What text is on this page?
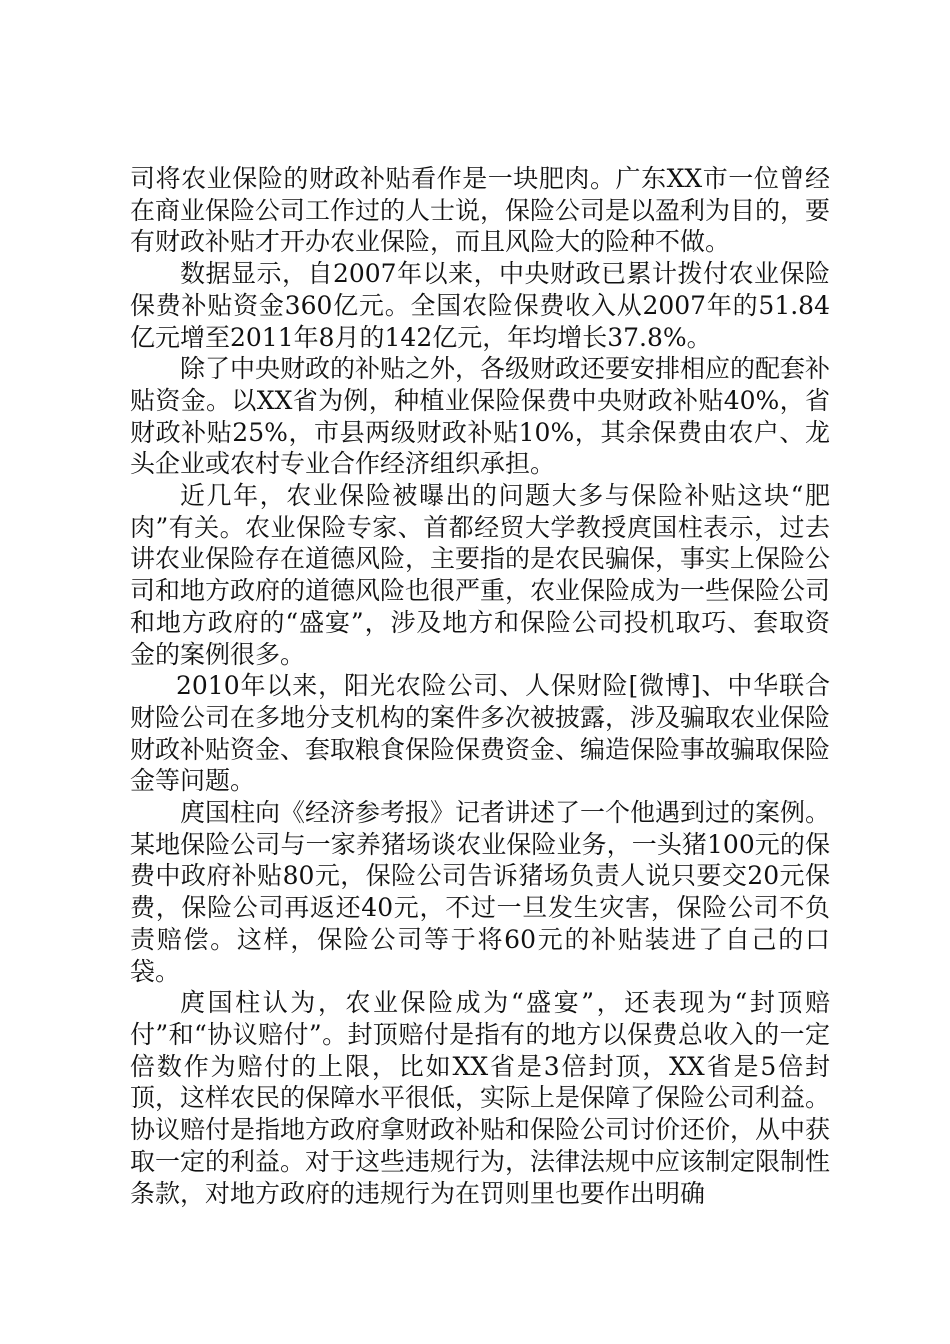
司将农业保险的财政补贴看作是一块肥肉。广东XX市一位曾经在商业保险公司工作过的人士说，保险公司是以盈利为目的，要有财政补贴才开办农业保险，而且风险大的险种不做。

数据显示，自2007年以来，中央财政已累计拨付农业保险保费补贴资金360亿元。全国农险保费收入从2007年的51.84亿元增至2011年8月的142亿元，年均增长37.8%。

除了中央财政的补贴之外，各级财政还要安排相应的配套补贴资金。以XX省为例，种植业保险保费中央财政补贴40%，省财政补贴25%，市县两级财政补贴10%，其余保费由农户、龙头企业或农村专业合作经济组织承担。

近几年，农业保险被曝出的问题大多与保险补贴这块“肥肉”有关。农业保险专家、首都经贸大学教授庹国柱表示，过去讲农业保险存在道德风险，主要指的是农民骗保，事实上保险公司和地方政府的道德风险也很严重，农业保险成为一些保险公司和地方政府的“盛宴”，涉及地方和保险公司投机取巧、套取资金的案例很多。

2010年以来，阳光农险公司、人保财险[微博]、中华联合财险公司在多地分支机构的案件多次被披露，涉及骗取农业保险财政补贴资金、套取粮食保险保费资金、编造保险事故骗取保险金等问题。

庹国柱向《经济参考报》记者讲述了一个他遇到过的案例。某地保险公司与一家养猪场谈农业保险业务，一头猪100元的保费中政府补贴80元，保险公司告诉猪场负责人说只要交20元保费，保险公司再返还40元，不过一旦发生灾害，保险公司不负责赔偿。这样，保险公司等于将60元的补贴装进了自己的口袋。

庹国柱认为，农业保险成为“盛宴”，还表现为“封顶赔付”和“协议赔付”。封顶赔付是指有的地方以保费总收入的一定倍数作为赔付的上限，比如XX省是3倍封顶，XX省是5倍封顶，这样农民的保障水平很低，实际上是保障了保险公司利益。协议赔付是指地方政府拿财政补贴和保险公司讨价还价，从中获取一定的利益。对于这些违规行为，法律法规中应该制定限制性条款，对地方政府的违规行为在罚则里也要作出明确
